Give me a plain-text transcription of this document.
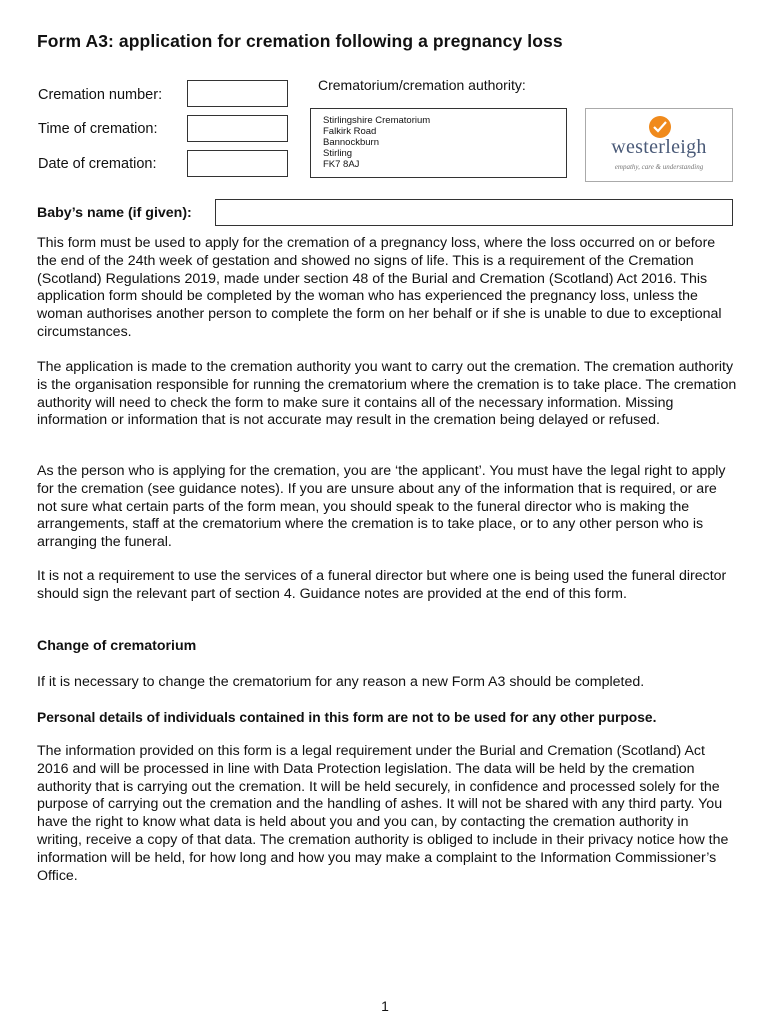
Form A3: application for cremation following a pregnancy loss
Cremation number:
Time of cremation:
Date of cremation:
Crematorium/cremation authority:
Stirlingshire Crematorium
Falkirk Road
Bannockburn
Stirling
FK7 8AJ
westerleigh
empathy, care & understanding
Baby’s name (if given):

This form must be used to apply for the cremation of a pregnancy loss, where the loss occurred on or before the end of the 24th week of gestation and showed no signs of life. This is a requirement of the Cremation (Scotland) Regulations 2019, made under section 48 of the Burial and Cremation (Scotland) Act 2016. This application form should be completed by the woman who has experienced the pregnancy loss, unless the woman authorises another person to complete the form on her behalf or if she is unable to due to exceptional circumstances.

The application is made to the cremation authority you want to carry out the cremation. The cremation authority is the organisation responsible for running the crematorium where the cremation is to take place. The cremation authority will need to check the form to make sure it contains all of the necessary information. Missing information or information that is not accurate may result in the cremation being delayed or refused.

As the person who is applying for the cremation, you are ‘the applicant’. You must have the legal right to apply for the cremation (see guidance notes). If you are unsure about any of the information that is required, or are not sure what certain parts of the form mean, you should speak to the funeral director who is making the arrangements, staff at the crematorium where the cremation is to take place, or to any other person who is arranging the funeral.

It is not a requirement to use the services of a funeral director but where one is being used the funeral director should sign the relevant part of section 4. Guidance notes are provided at the end of this form.

Change of crematorium
If it is necessary to change the crematorium for any reason a new Form A3 should be completed.
Personal details of individuals contained in this form are not to be used for any other purpose.

The information provided on this form is a legal requirement under the Burial and Cremation (Scotland) Act 2016 and will be processed in line with Data Protection legislation. The data will be held by the cremation authority that is carrying out the cremation. It will be held securely, in confidence and processed solely for the purpose of carrying out the cremation and the handling of ashes. It will not be shared with any third party. You have the right to know what data is held about you and you can, by contacting the cremation authority in writing, receive a copy of that data. The cremation authority is obliged to include in their privacy notice how the information will be held, for how long and how you may make a complaint to the Information Commissioner’s Office.

1
